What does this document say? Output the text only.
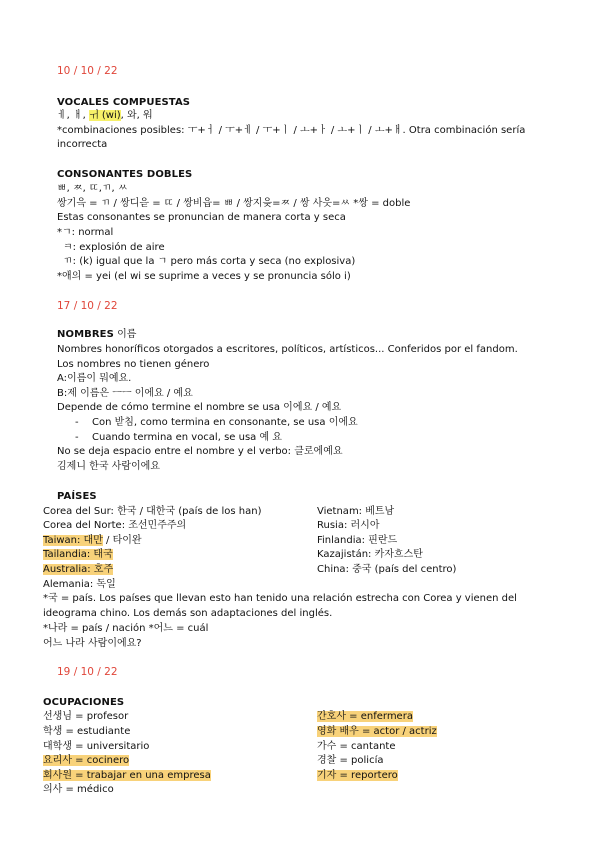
10 / 10 / 22
VOCALES COMPUESTAS
ㅔ, ㅐ, ㅟ (wi), 와, 워
*combinaciones posibles: ㅜ+ㅓ / ㅜ+ㅔ / ㅜ+ㅣ / ㅗ+ㅏ / ㅗ+ㅣ / ㅗ+ㅐ. Otra combinación sería
incorrecta
CONSONANTES DOBLES
ㅃ, ㅉ, ㄸ,ㄲ, ㅆ
쌍기윽 = ㄲ / 쌍디읃 = ㄸ / 쌍비읍= ㅃ / 쌍지읒=ㅉ / 쌍 사읏=ㅆ *쌍 = doble
Estas consonantes se pronuncian de manera corta y seca
*ㄱ: normal
ㅋ: explosión de aire
ㄲ: (k) igual que la ㄱ pero más corta y seca (no explosiva)
*애의 = yei (el wi se suprime a veces y se pronuncia sólo i)
17 / 10 / 22
NOMBRES 이름
Nombres honoríficos otorgados a escritores, políticos, artísticos... Conferidos por el fandom.
Los nombres no tienen género
A:이름이 뭐예요.
B:제 이름은 ㅡㅡ 이에요 / 예요
Depende de cómo termine el nombre se usa 이에요 / 예요
- Con 받침, como termina en consonante, se usa 이에요
- Cuando termina en vocal, se usa 예 요
No se deja espacio entre el nombre y el verbo: 클로에예요
김제니 한국 사람이에요
PAÍSES
Corea del Sur: 한국 / 대한국 (país de los han)
Corea del Norte: 조선민주주의
Taiwan: 대만 / 타이완
Tailandia: 태국
Australia: 호주
Alemania: 독일
Vietnam: 베트남
Rusia: 러시아
Finlandia: 핀란드
Kazajistán: 카자흐스탄
China: 중국 (país del centro)
*국 = país. Los países que llevan esto han tenido una relación estrecha con Corea y vienen del
ideograma chino. Los demás son adaptaciones del inglés.
*나라 = país / nación *어느 = cuál
어느 나라 사람이에요?
19 / 10 / 22
OCUPACIONES
선생님 = profesor
학생 = estudiante
대학생 = universitario
요리사 = cocinero
회사원 = trabajar en una empresa
의사 = médico
간호사 = enfermera
영화 배우 = actor / actriz
가수 = cantante
경찰 = policía
기자 = reportero
